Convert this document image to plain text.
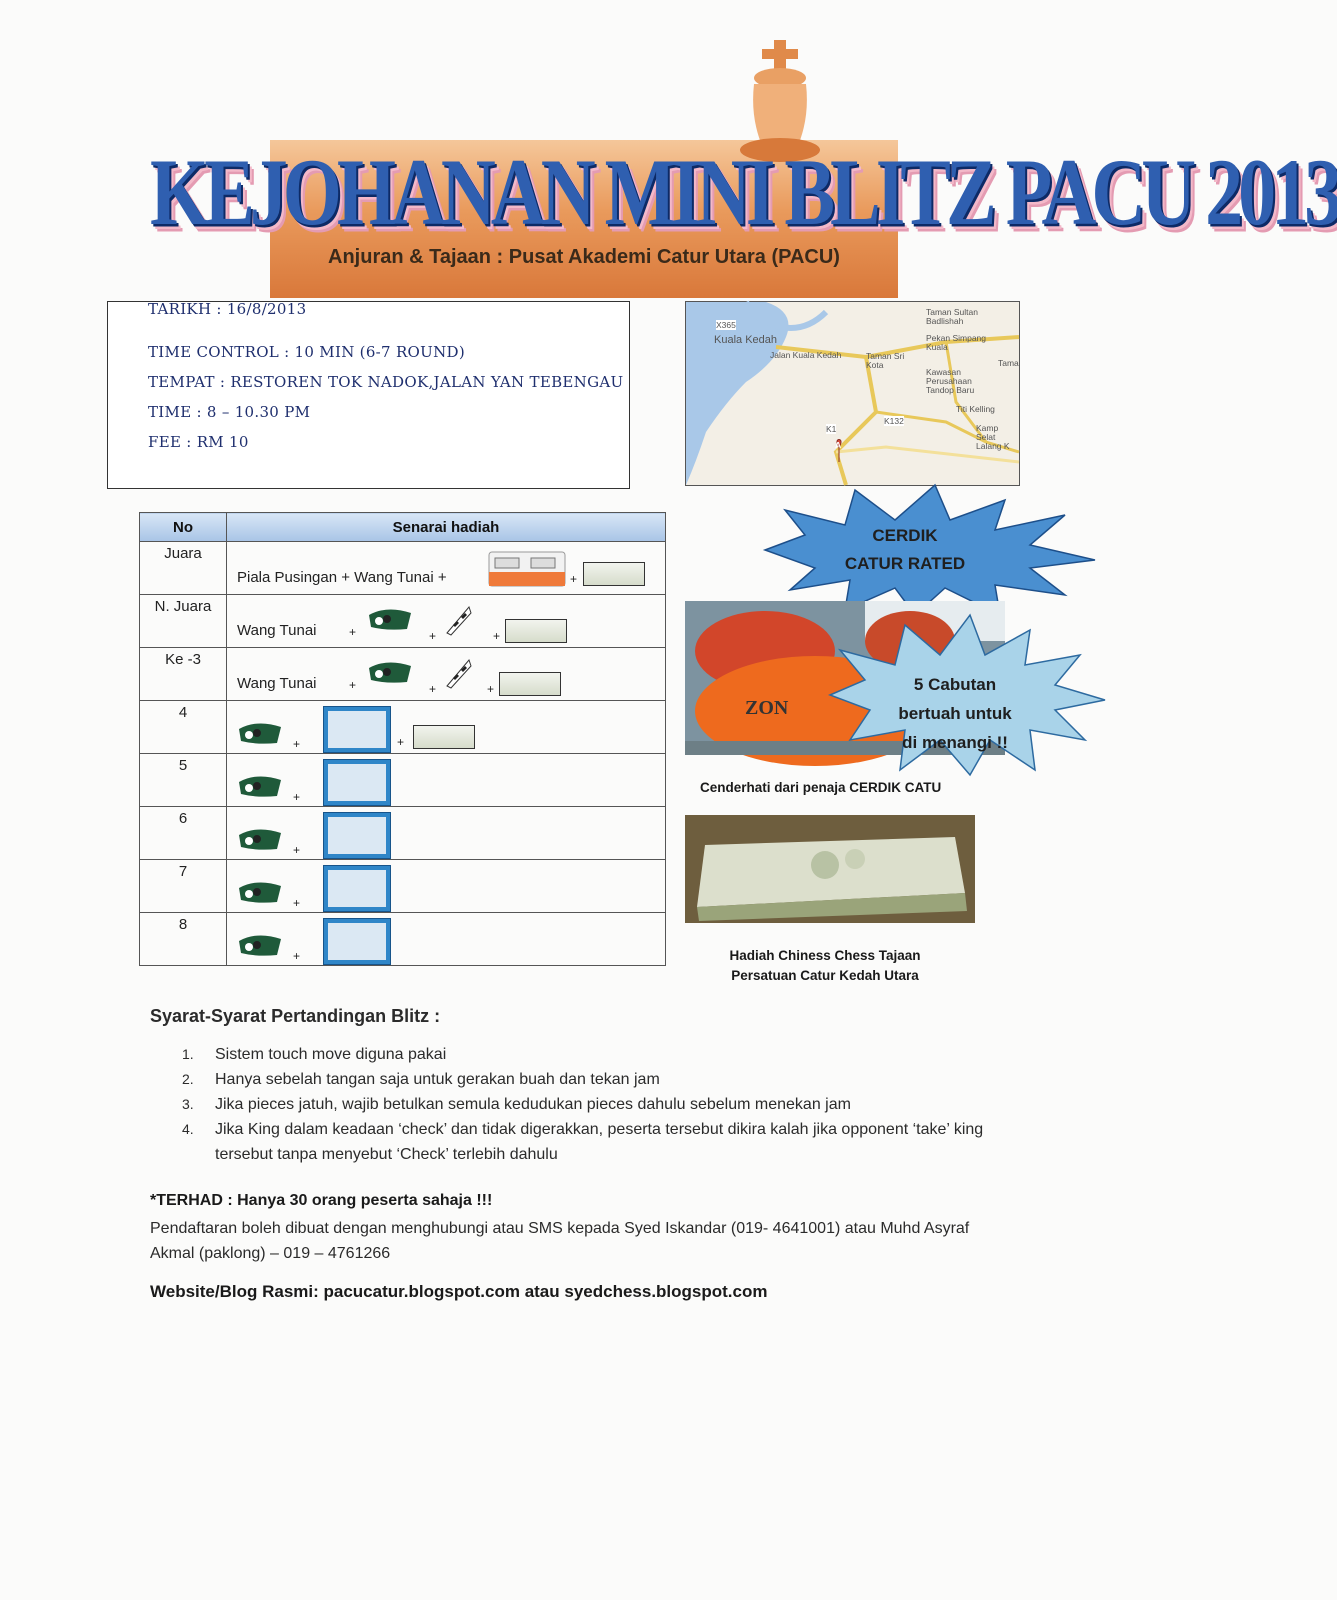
KEJOHANAN MINI BLITZ PACU 2013
Anjuran & Tajaan : Pusat Akademi Catur Utara (PACU)
TARIKH : 16/8/2013
TIME CONTROL : 10 MIN (6-7 ROUND)
TEMPAT : RESTOREN TOK NADOK,JALAN YAN TEBENGAU
TIME : 8 – 10.30 PM
FEE : RM 10
X365
Kuala Kedah
Jalan Kuala Kedah
Taman Sultan Badlishah
Pekan Simpang Kuala
Taman Sri Kota	Tama
Kawasan Perusahaan Tandop Baru
Titi Kelling
K132
K1	Kamp Selat Lalang K
A
No	Senarai hadiah
Juara	Piala Pusingan + Wang Tunai + +

N. Juara	Wang Tunai + + +

Ke -3	Wang Tunai + + +

4	+ +

5	+

6	+

7	+

8	+
CERDIK
CATUR RATED
ZON
5 Cabutan
bertuah untuk
di menangi !!
Cenderhati dari penaja CERDIK CATU
Hadiah Chiness Chess Tajaan
Persatuan Catur Kedah Utara
Syarat-Syarat Pertandingan Blitz :
1. Sistem touch move diguna pakai
2. Hanya sebelah tangan saja untuk gerakan buah dan tekan jam
3. Jika pieces jatuh, wajib betulkan semula kedudukan pieces dahulu sebelum menekan jam
4. Jika King dalam keadaan ‘check’ dan tidak digerakkan, peserta tersebut dikira kalah jika opponent ‘take’ king tersebut tanpa menyebut ‘Check’ terlebih dahulu
*TERHAD : Hanya 30 orang peserta sahaja !!!
Pendaftaran boleh dibuat dengan menghubungi atau SMS kepada Syed Iskandar (019- 4641001) atau Muhd Asyraf Akmal (paklong) – 019 – 4761266
Website/Blog Rasmi: pacucatur.blogspot.com atau syedchess.blogspot.com
